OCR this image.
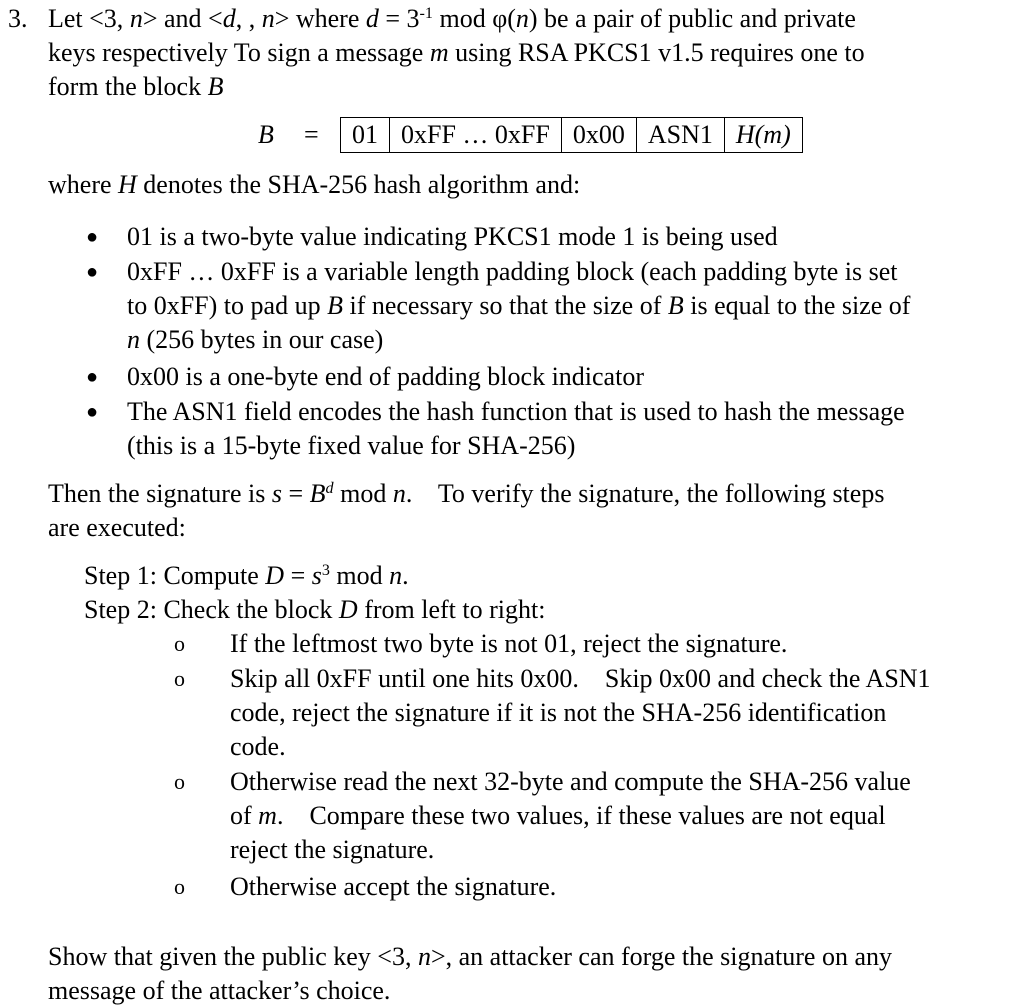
3. Let <3, n> and <d, , n> where $d = 3^{-1}$ mod φ(n) be a pair of public and private
keys respectively To sign a message m using RSA PKCS1 v1.5 requires one to
form the block B
B	=	01 0xFF … 0xFF 0x00 ASN1 H(m)
where H denotes the SHA-256 hash algorithm and:
● 01 is a two-byte value indicating PKCS1 mode 1 is being used
● 0xFF … 0xFF is a variable length padding block (each padding byte is set
to 0xFF) to pad up B if necessary so that the size of B is equal to the size of
n (256 bytes in our case)
● 0x00 is a one-byte end of padding block indicator
● The ASN1 field encodes the hash function that is used to hash the message
(this is a 15-byte fixed value for SHA-256)
Then the signature is $s = B^d$ mod n.    To verify the signature, the following steps
are executed:
Step 1: Compute $D = s^3$ mod n.
Step 2: Check the block D from left to right:
o If the leftmost two byte is not 01, reject the signature.
o Skip all 0xFF until one hits 0x00.    Skip 0x00 and check the ASN1
code, reject the signature if it is not the SHA-256 identification
code.
o Otherwise read the next 32-byte and compute the SHA-256 value
of m.    Compare these two values, if these values are not equal
reject the signature.
o Otherwise accept the signature.
Show that given the public key <3, n>, an attacker can forge the signature on any
message of the attacker’s choice.
